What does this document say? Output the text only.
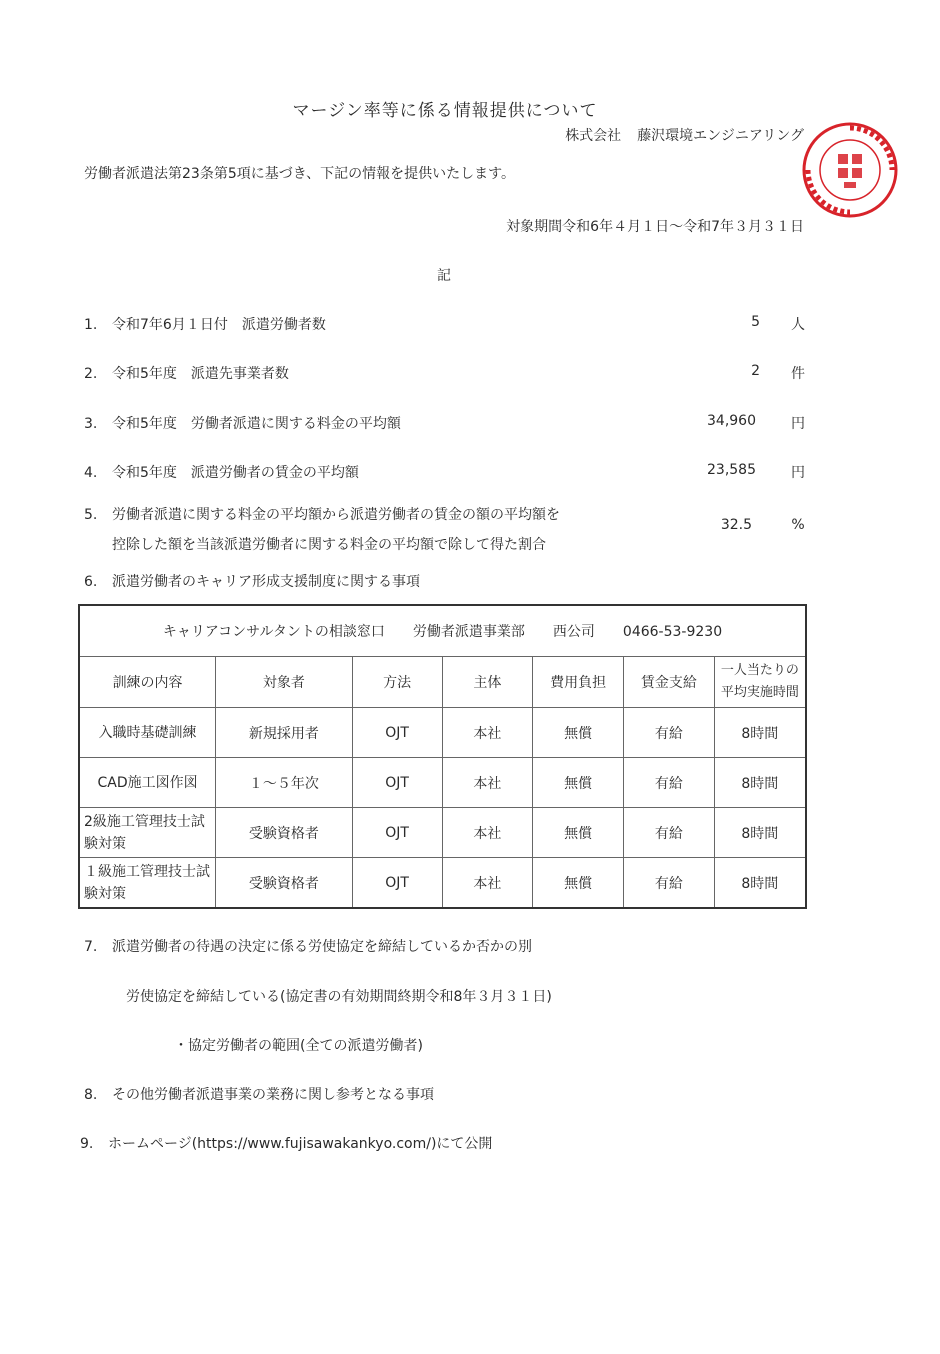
マージン率等に係る情報提供について
株式会社 藤沢環境エンジニアリング
労働者派遣法第23条第5項に基づき、下記の情報を提供いたします。
対象期間令和6年４月１日～令和7年３月３１日
記
1. 令和7年6月１日付 派遣労働者数	5	人
2. 令和5年度 派遣先事業者数	2	件
3. 令和5年度 労働者派遣に関する料金の平均額	34,960	円
4. 令和5年度 派遣労働者の賃金の平均額	23,585	円
5. 労働者派遣に関する料金の平均額から派遣労働者の賃金の額の平均額を
控除した額を当該派遣労働者に関する料金の平均額で除して得た割合
32.5	%
6. 派遣労働者のキャリア形成支援制度に関する事項
キャリアコンサルタントの相談窓口 労働者派遣事業部 西公司 0466-53-9230						
訓練の内容	対象者	方法	主体	費用負担	賃金支給	一人当たりの
平均実施時間

入職時基礎訓練	新規採用者	OJT	本社	無償	有給	8時間
CAD施工図作図	１～５年次	OJT	本社	無償	有給	8時間
2級施工管理技士試験対策	受験資格者	OJT	本社	無償	有給	8時間
１級施工管理技士試験対策	受験資格者	OJT	本社	無償	有給	8時間
7. 派遣労働者の待遇の決定に係る労使協定を締結しているか否かの別
労使協定を締結している(協定書の有効期間終期令和8年３月３１日)
・協定労働者の範囲(全ての派遣労働者)
8. その他労働者派遣事業の業務に関し参考となる事項
9. ホームページ(https://www.fujisawakankyo.com/)にて公開
